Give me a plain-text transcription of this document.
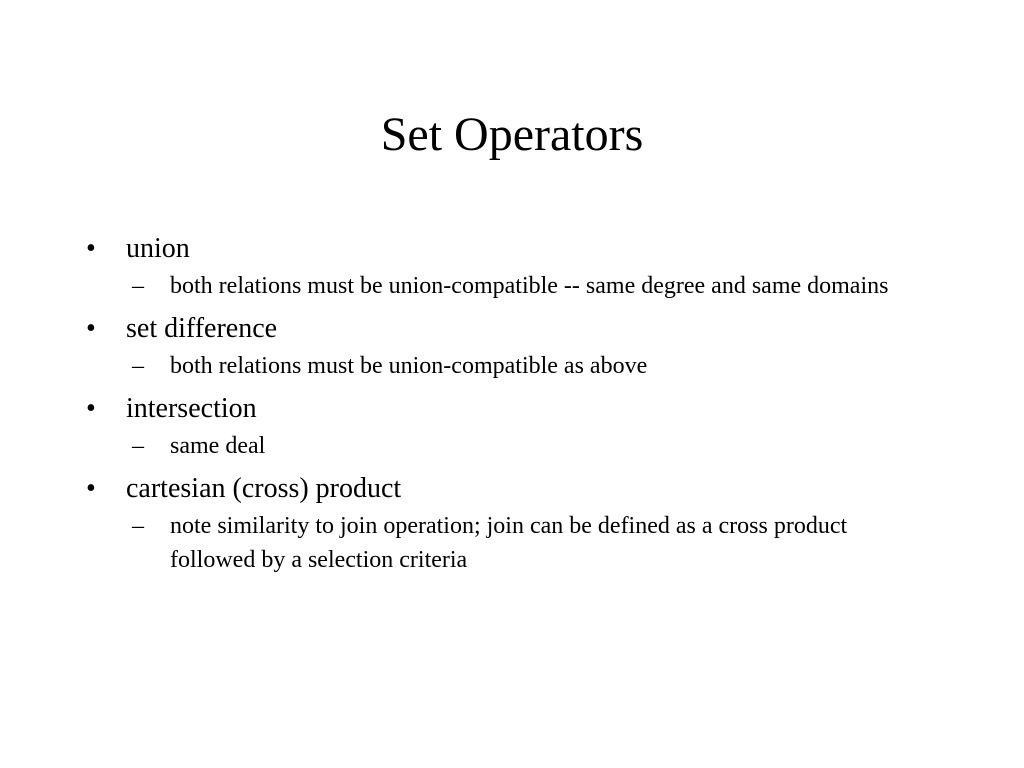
Set Operators
•	union
–	both relations must be union-compatible -- same degree and same domains
•	set difference
–	both relations must be union-compatible as above
•	intersection
–	same deal
•	cartesian (cross) product
–	note similarity to join operation; join can be defined as a cross product followed by a selection criteria
